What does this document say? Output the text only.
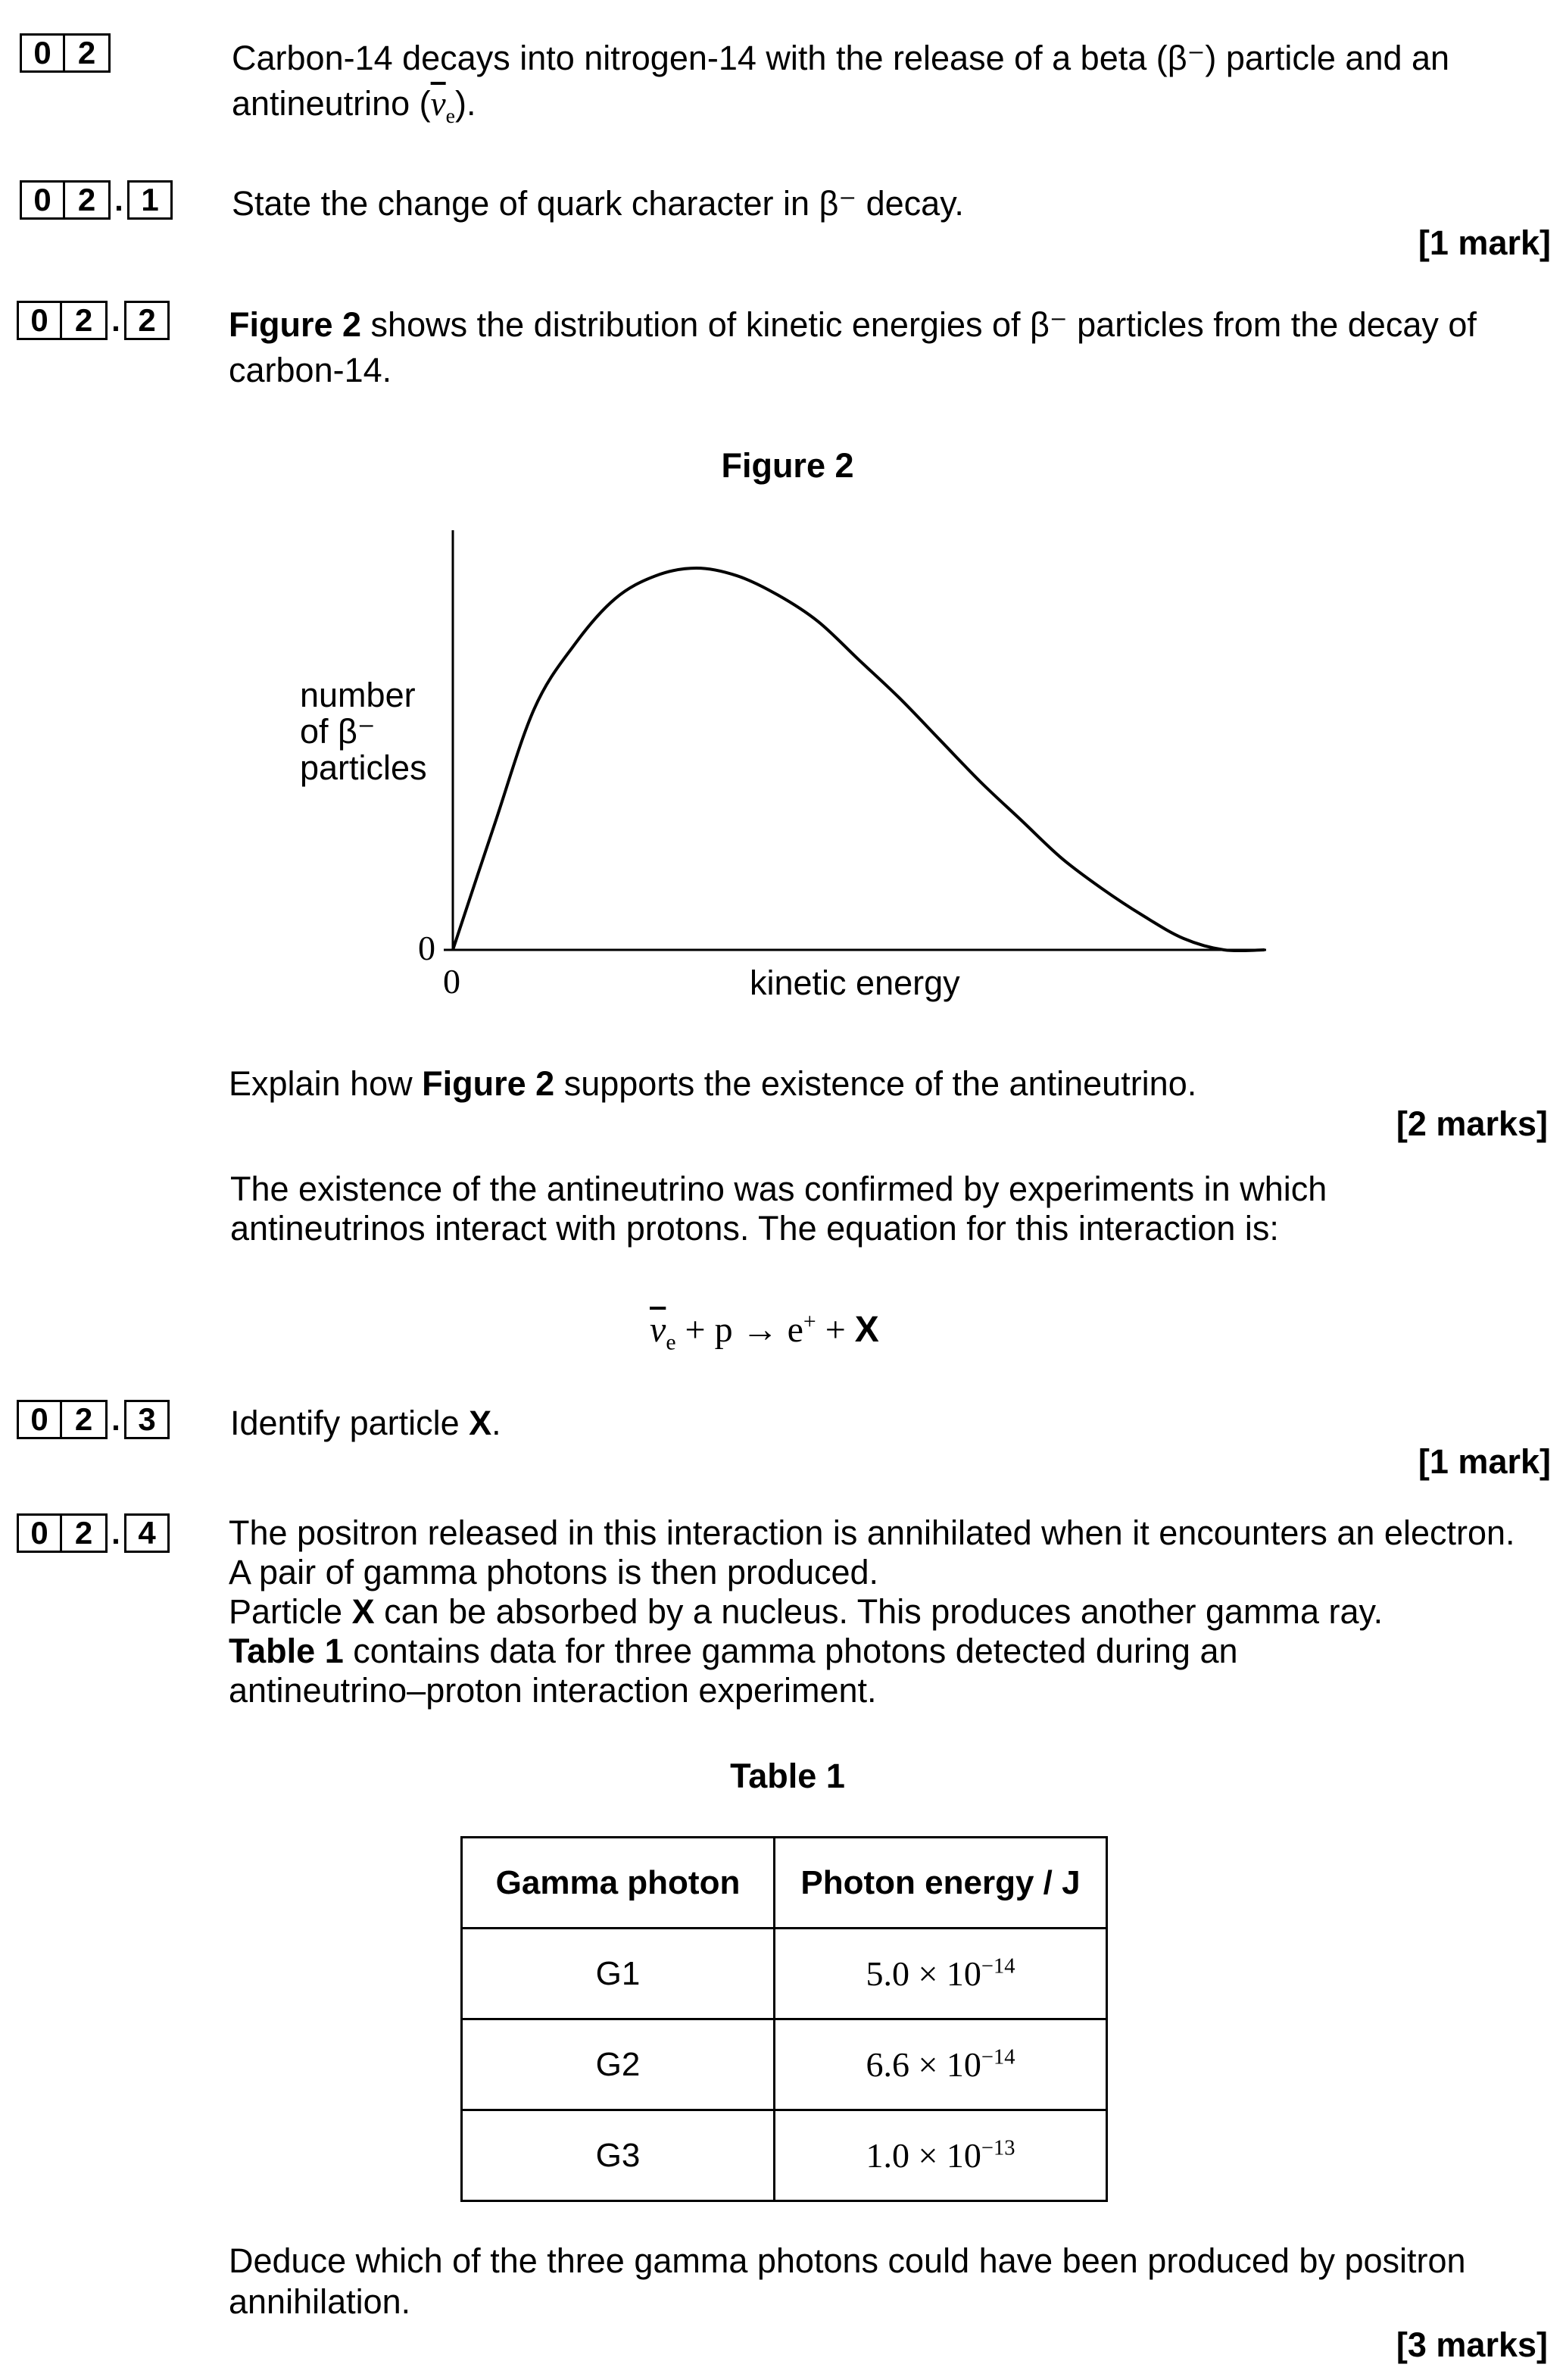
0 2	Carbon-14 decays into nitrogen-14 with the release of a beta (β⁻) particle and an
antineutrino $(\overline{v}_e)$.
0 2 . 1	State the change of quark character in β⁻ decay.
[1 mark]
0 2 . 2	Figure 2 shows the distribution of kinetic energies of β⁻ particles from the decay of
carbon-14.
Figure 2
number
of β⁻
particles
0
0	kinetic energy
Explain how Figure 2 supports the existence of the antineutrino.
[2 marks]
The existence of the antineutrino was confirmed by experiments in which
antineutrinos interact with protons. The equation for this interaction is:
$\overline{v}_e + p \to e^+ + X$
0 2 . 3	Identify particle X.
[1 mark]
0 2 . 4	The positron released in this interaction is annihilated when it encounters an electron.
A pair of gamma photons is then produced.
Particle X can be absorbed by a nucleus. This produces another gamma ray.
Table 1 contains data for three gamma photons detected during an
antineutrino–proton interaction experiment.
Table 1
Gamma photon	Photon energy / J
G1	$5.0 \times 10^{-14}$
G2	$6.6 \times 10^{-14}$
G3	$1.0 \times 10^{-13}$
Deduce which of the three gamma photons could have been produced by positron
annihilation.
[3 marks]
